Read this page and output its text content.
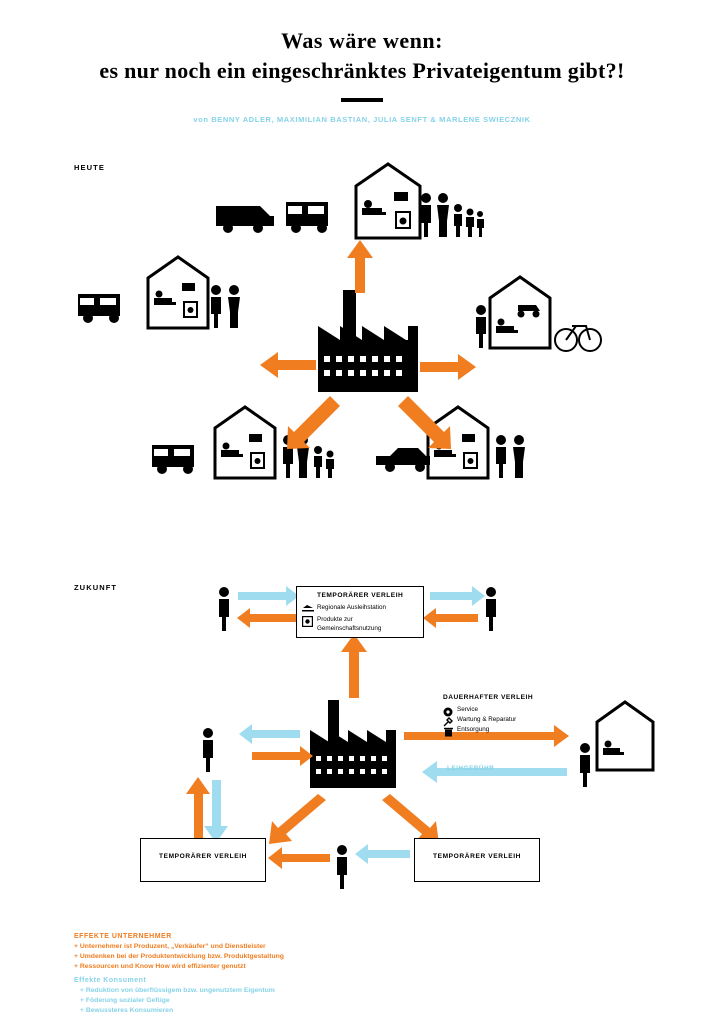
Was wäre wenn:
es nur noch ein eingeschränktes Privateigentum gibt?!
von BENNY ADLER, MAXIMILIAN BASTIAN, JULIA SENFT & MARLENE SWIECZNIK
HEUTE
ZUKUNFT
TEMPORÄRER VERLEIH
Regionale Ausleihstation
Produkte zur
Gemeinschaftsnutzung
DAUERHAFTER VERLEIH
Service
Wartung & Reparatur
Entsorgung
LEIHGEBÜHR
TEMPORÄRER VERLEIH	TEMPORÄRER VERLEIH
EFFEKTE UNTERNEHMER
+ Unternehmer ist Produzent, „Verkäufer“ und Dienstleister
+ Umdenken bei der Produktentwicklung bzw. Produktgestaltung
+ Ressourcen und Know How wird effizienter genutzt
Effekte Konsument
+ Reduktion von überflüssigem bzw. ungenutztem Eigentum
+ Föderung sozialer Gefüge
+ Bewussteres Konsumieren
